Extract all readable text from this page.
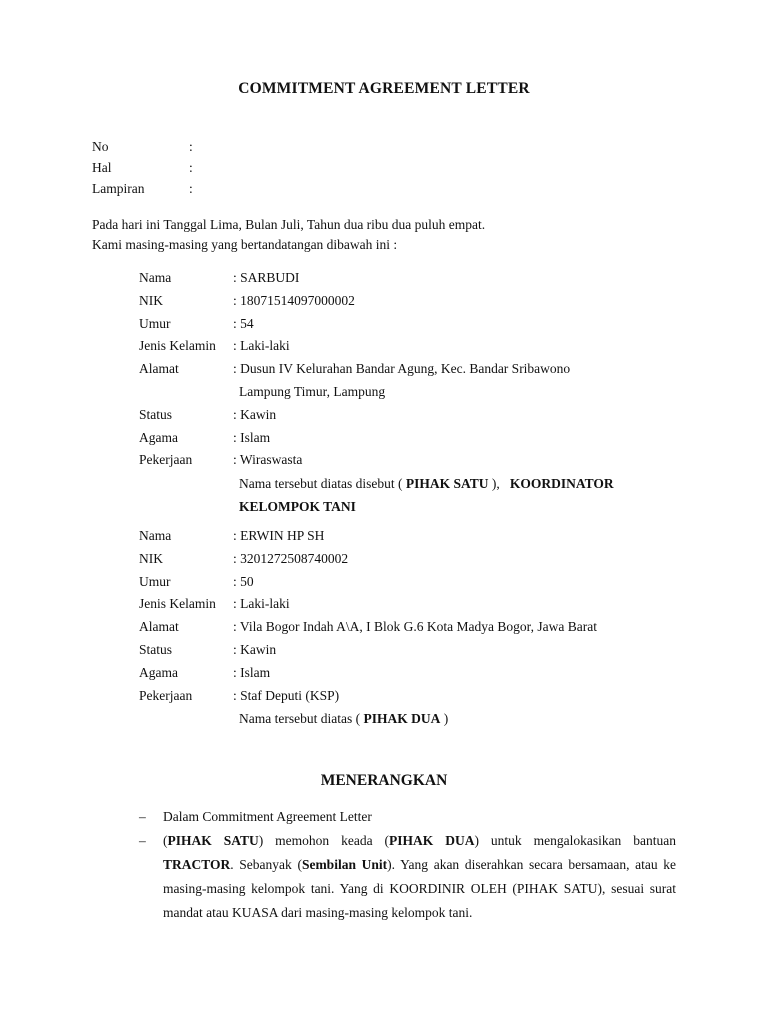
COMMITMENT AGREEMENT LETTER
No	:
Hal	:
Lampiran	:
Pada hari ini Tanggal Lima, Bulan Juli, Tahun dua ribu dua puluh empat.
Kami masing-masing yang bertandatangan dibawah ini :
Nama	: SARBUDI
NIK	: 18071514097000002
Umur	: 54
Jenis Kelamin	: Laki-laki
Alamat	: Dusun IV Kelurahan Bandar Agung, Kec. Bandar Sribawono
Lampung Timur, Lampung
Status	: Kawin
Agama	: Islam
Pekerjaan	: Wiraswasta
Nama tersebut diatas disebut ( PIHAK SATU ),   KOORDINATOR KELOMPOK TANI
Nama	: ERWIN HP SH
NIK	: 3201272508740002
Umur	: 50
Jenis Kelamin	: Laki-laki
Alamat	: Vila Bogor Indah A\A, I Blok G.6 Kota Madya Bogor, Jawa Barat
Status	: Kawin
Agama	: Islam
Pekerjaan	: Staf Deputi (KSP)
Nama tersebut diatas ( PIHAK DUA )
MENERANGKAN
–	Dalam Commitment Agreement Letter
–	(PIHAK SATU) memohon keada (PIHAK DUA) untuk mengalokasikan bantuan TRACTOR. Sebanyak (Sembilan Unit). Yang akan diserahkan secara bersamaan, atau ke masing-masing kelompok tani. Yang di KOORDINIR OLEH (PIHAK SATU), sesuai surat mandat atau KUASA dari masing-masing kelompok tani.
